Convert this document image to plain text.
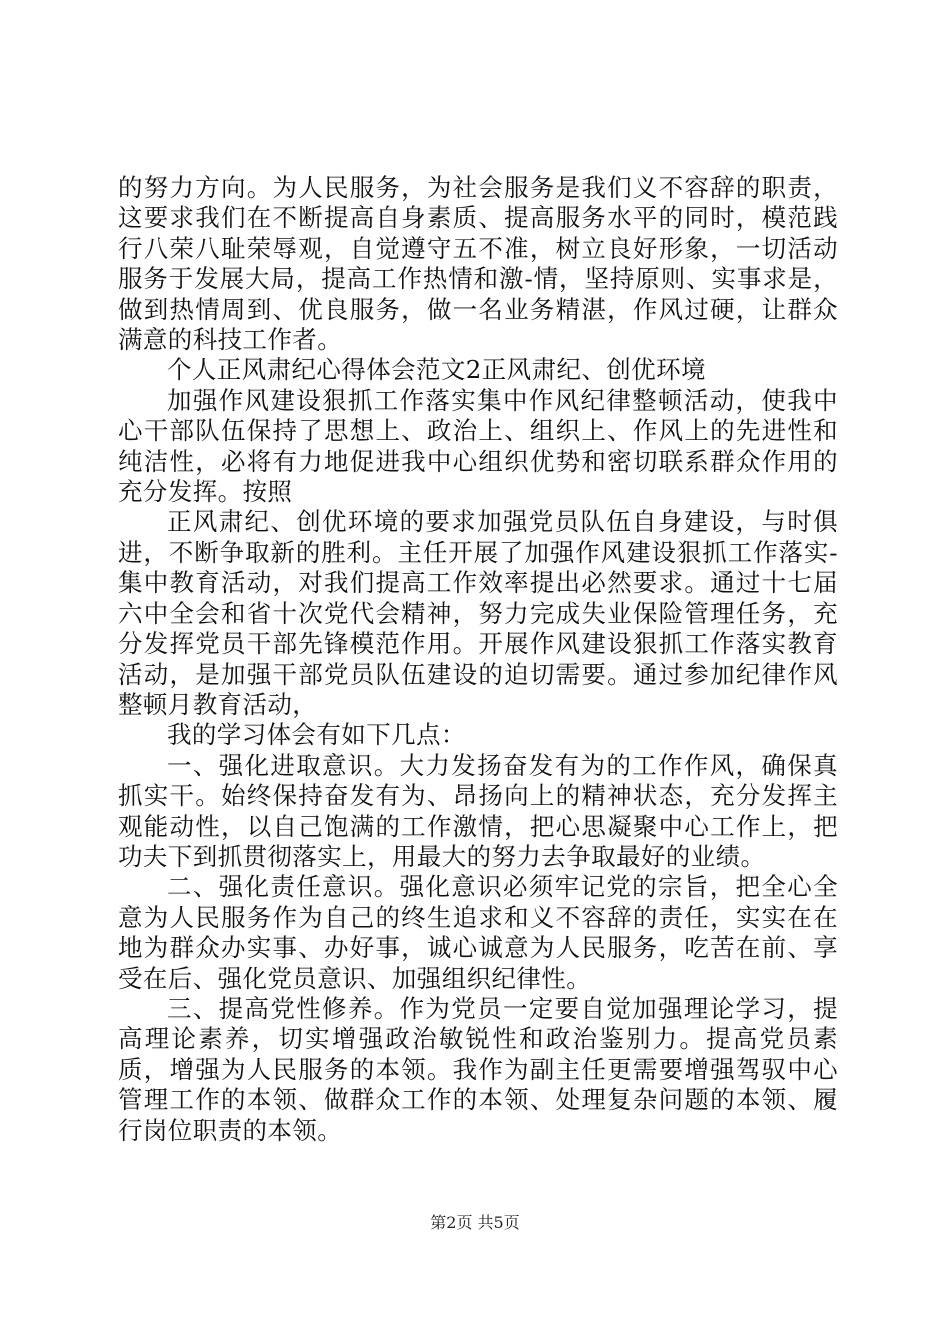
的努力方向。为人民服务，为社会服务是我们义不容辞的职责，这要求我们在不断提高自身素质、提高服务水平的同时，模范践行八荣八耻荣辱观，自觉遵守五不准，树立良好形象，一切活动服务于发展大局，提高工作热情和激-情，坚持原则、实事求是，做到热情周到、优良服务，做一名业务精湛，作风过硬，让群众满意的科技工作者。

个人正风肃纪心得体会范文2正风肃纪、创优环境

加强作风建设狠抓工作落实集中作风纪律整顿活动，使我中心干部队伍保持了思想上、政治上、组织上、作风上的先进性和纯洁性，必将有力地促进我中心组织优势和密切联系群众作用的充分发挥。按照

正风肃纪、创优环境的要求加强党员队伍自身建设，与时俱进，不断争取新的胜利。主任开展了加强作风建设狠抓工作落实-集中教育活动，对我们提高工作效率提出必然要求。通过十七届六中全会和省十次党代会精神，努力完成失业保险管理任务，充分发挥党员干部先锋模范作用。开展作风建设狠抓工作落实教育活动，是加强干部党员队伍建设的迫切需要。通过参加纪律作风整顿月教育活动，

我的学习体会有如下几点：

一、强化进取意识。大力发扬奋发有为的工作作风，确保真抓实干。始终保持奋发有为、昂扬向上的精神状态，充分发挥主观能动性，以自己饱满的工作激情，把心思凝聚中心工作上，把功夫下到抓贯彻落实上，用最大的努力去争取最好的业绩。

二、强化责任意识。强化意识必须牢记党的宗旨，把全心全意为人民服务作为自己的终生追求和义不容辞的责任，实实在在地为群众办实事、办好事，诚心诚意为人民服务，吃苦在前、享受在后、强化党员意识、加强组织纪律性。

三、提高党性修养。作为党员一定要自觉加强理论学习，提高理论素养，切实增强政治敏锐性和政治鉴别力。提高党员素质，增强为人民服务的本领。我作为副主任更需要增强驾驭中心管理工作的本领、做群众工作的本领、处理复杂问题的本领、履行岗位职责的本领。

第2页 共5页
